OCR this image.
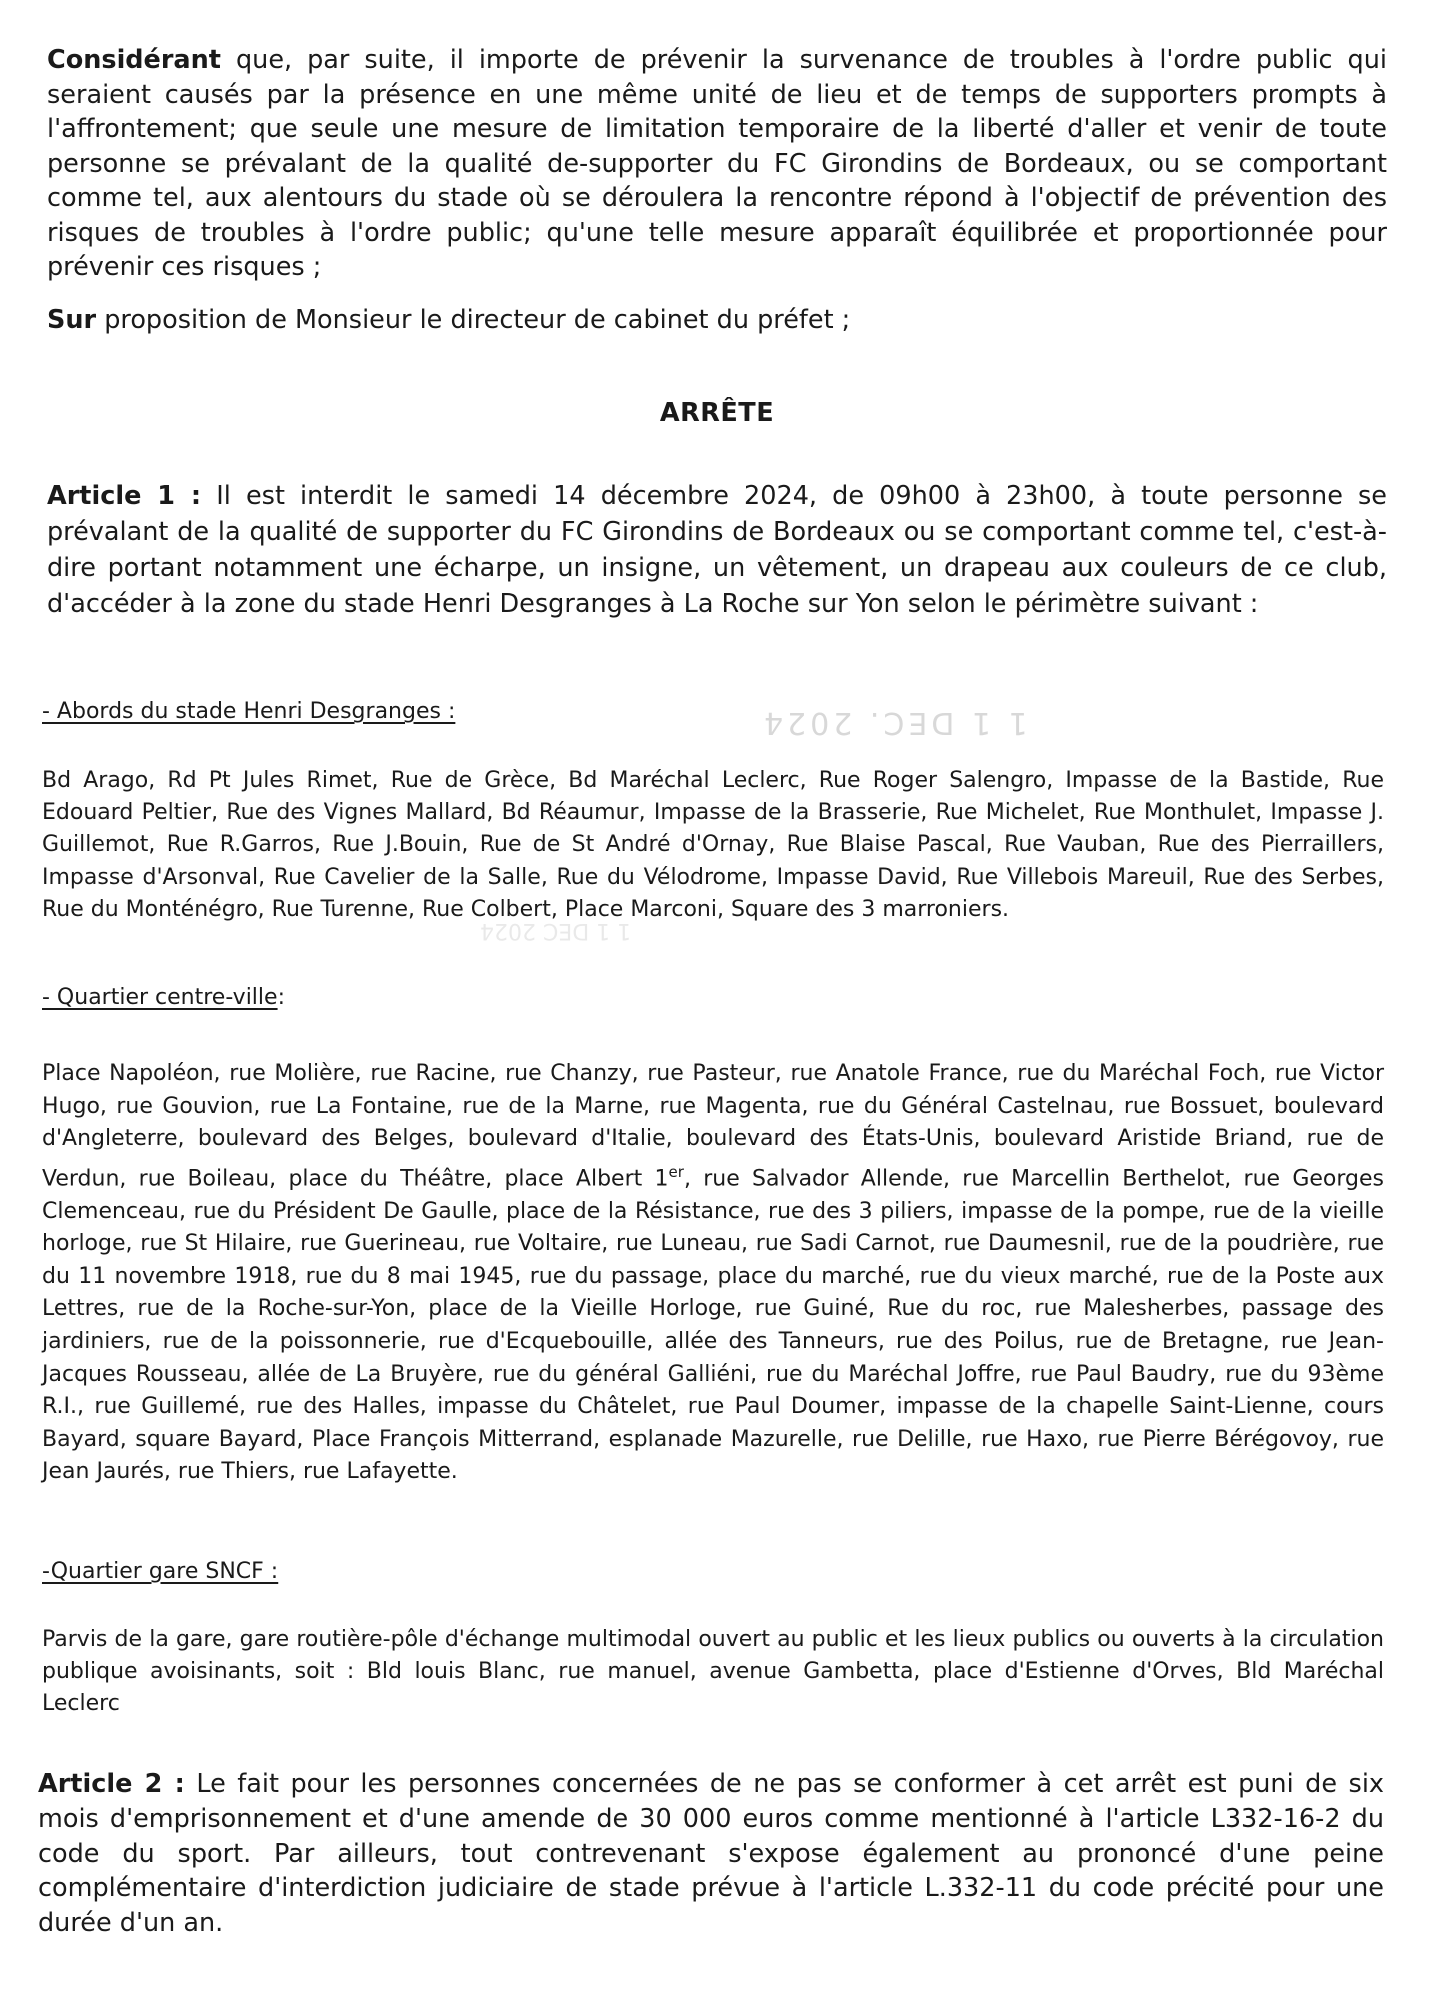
Considérant que, par suite, il importe de prévenir la survenance de troubles à l'ordre public qui seraient causés par la présence en une même unité de lieu et de temps de supporters prompts à l'affrontement; que seule une mesure de limitation temporaire de la liberté d'aller et venir de toute personne se prévalant de la qualité de-supporter du FC Girondins de Bordeaux, ou se comportant comme tel, aux alentours du stade où se déroulera la rencontre répond à l'objectif de prévention des risques de troubles à l'ordre public; qu'une telle mesure apparaît équilibrée et proportionnée pour prévenir ces risques ;

Sur proposition de Monsieur le directeur de cabinet du préfet ;

ARRÊTE

Article 1 : Il est interdit le samedi 14 décembre 2024, de 09h00 à 23h00, à toute personne se prévalant de la qualité de supporter du FC Girondins de Bordeaux ou se comportant comme tel, c'est-à-dire portant notamment une écharpe, un insigne, un vêtement, un drapeau aux couleurs de ce club, d'accéder à la zone du stade Henri Desgranges à La Roche sur Yon selon le périmètre suivant :

- Abords du stade Henri Desgranges :	1 1 DEC. 2024

Bd Arago, Rd Pt Jules Rimet, Rue de Grèce, Bd Maréchal Leclerc, Rue Roger Salengro, Impasse de la Bastide, Rue Edouard Peltier, Rue des Vignes Mallard, Bd Réaumur, Impasse de la Brasserie, Rue Michelet, Rue Monthulet, Impasse J. Guillemot, Rue R.Garros, Rue J.Bouin, Rue de St André d'Ornay, Rue Blaise Pascal, Rue Vauban, Rue des Pierraillers, Impasse d'Arsonval, Rue Cavelier de la Salle, Rue du Vélodrome, Impasse David, Rue Villebois Mareuil, Rue des Serbes, Rue du Monténégro, Rue Turenne, Rue Colbert, Place Marconi, Square des 3 marroniers.

1 1 DEC 2024

- Quartier centre-ville:

Place Napoléon, rue Molière, rue Racine, rue Chanzy, rue Pasteur, rue Anatole France, rue du Maréchal Foch, rue Victor Hugo, rue Gouvion, rue La Fontaine, rue de la Marne, rue Magenta, rue du Général Castelnau, rue Bossuet, boulevard d'Angleterre, boulevard des Belges, boulevard d'Italie, boulevard des États-Unis, boulevard Aristide Briand, rue de Verdun, rue Boileau, place du Théâtre, place Albert 1er, rue Salvador Allende, rue Marcellin Berthelot, rue Georges Clemenceau, rue du Président De Gaulle, place de la Résistance, rue des 3 piliers, impasse de la pompe, rue de la vieille horloge, rue St Hilaire, rue Guerineau, rue Voltaire, rue Luneau, rue Sadi Carnot, rue Daumesnil, rue de la poudrière, rue du 11 novembre 1918, rue du 8 mai 1945, rue du passage, place du marché, rue du vieux marché, rue de la Poste aux Lettres, rue de la Roche-sur-Yon, place de la Vieille Horloge, rue Guiné, Rue du roc, rue Malesherbes, passage des jardiniers, rue de la poissonnerie, rue d'Ecquebouille, allée des Tanneurs, rue des Poilus, rue de Bretagne, rue Jean-Jacques Rousseau, allée de La Bruyère, rue du général Galliéni, rue du Maréchal Joffre, rue Paul Baudry, rue du 93ème R.I., rue Guillemé, rue des Halles, impasse du Châtelet, rue Paul Doumer, impasse de la chapelle Saint-Lienne, cours Bayard, square Bayard, Place François Mitterrand, esplanade Mazurelle, rue Delille, rue Haxo, rue Pierre Bérégovoy, rue Jean Jaurés, rue Thiers, rue Lafayette.

-Quartier gare SNCF :

Parvis de la gare, gare routière-pôle d'échange multimodal ouvert au public et les lieux publics ou ouverts à la circulation publique avoisinants, soit : Bld louis Blanc, rue manuel, avenue Gambetta, place d'Estienne d'Orves, Bld Maréchal Leclerc

Article 2 : Le fait pour les personnes concernées de ne pas se conformer à cet arrêt est puni de six mois d'emprisonnement et d'une amende de 30 000 euros comme mentionné à l'article L332-16-2 du code du sport. Par ailleurs, tout contrevenant s'expose également au prononcé d'une peine complémentaire d'interdiction judiciaire de stade prévue à l'article L.332-11 du code précité pour une durée d'un an.
